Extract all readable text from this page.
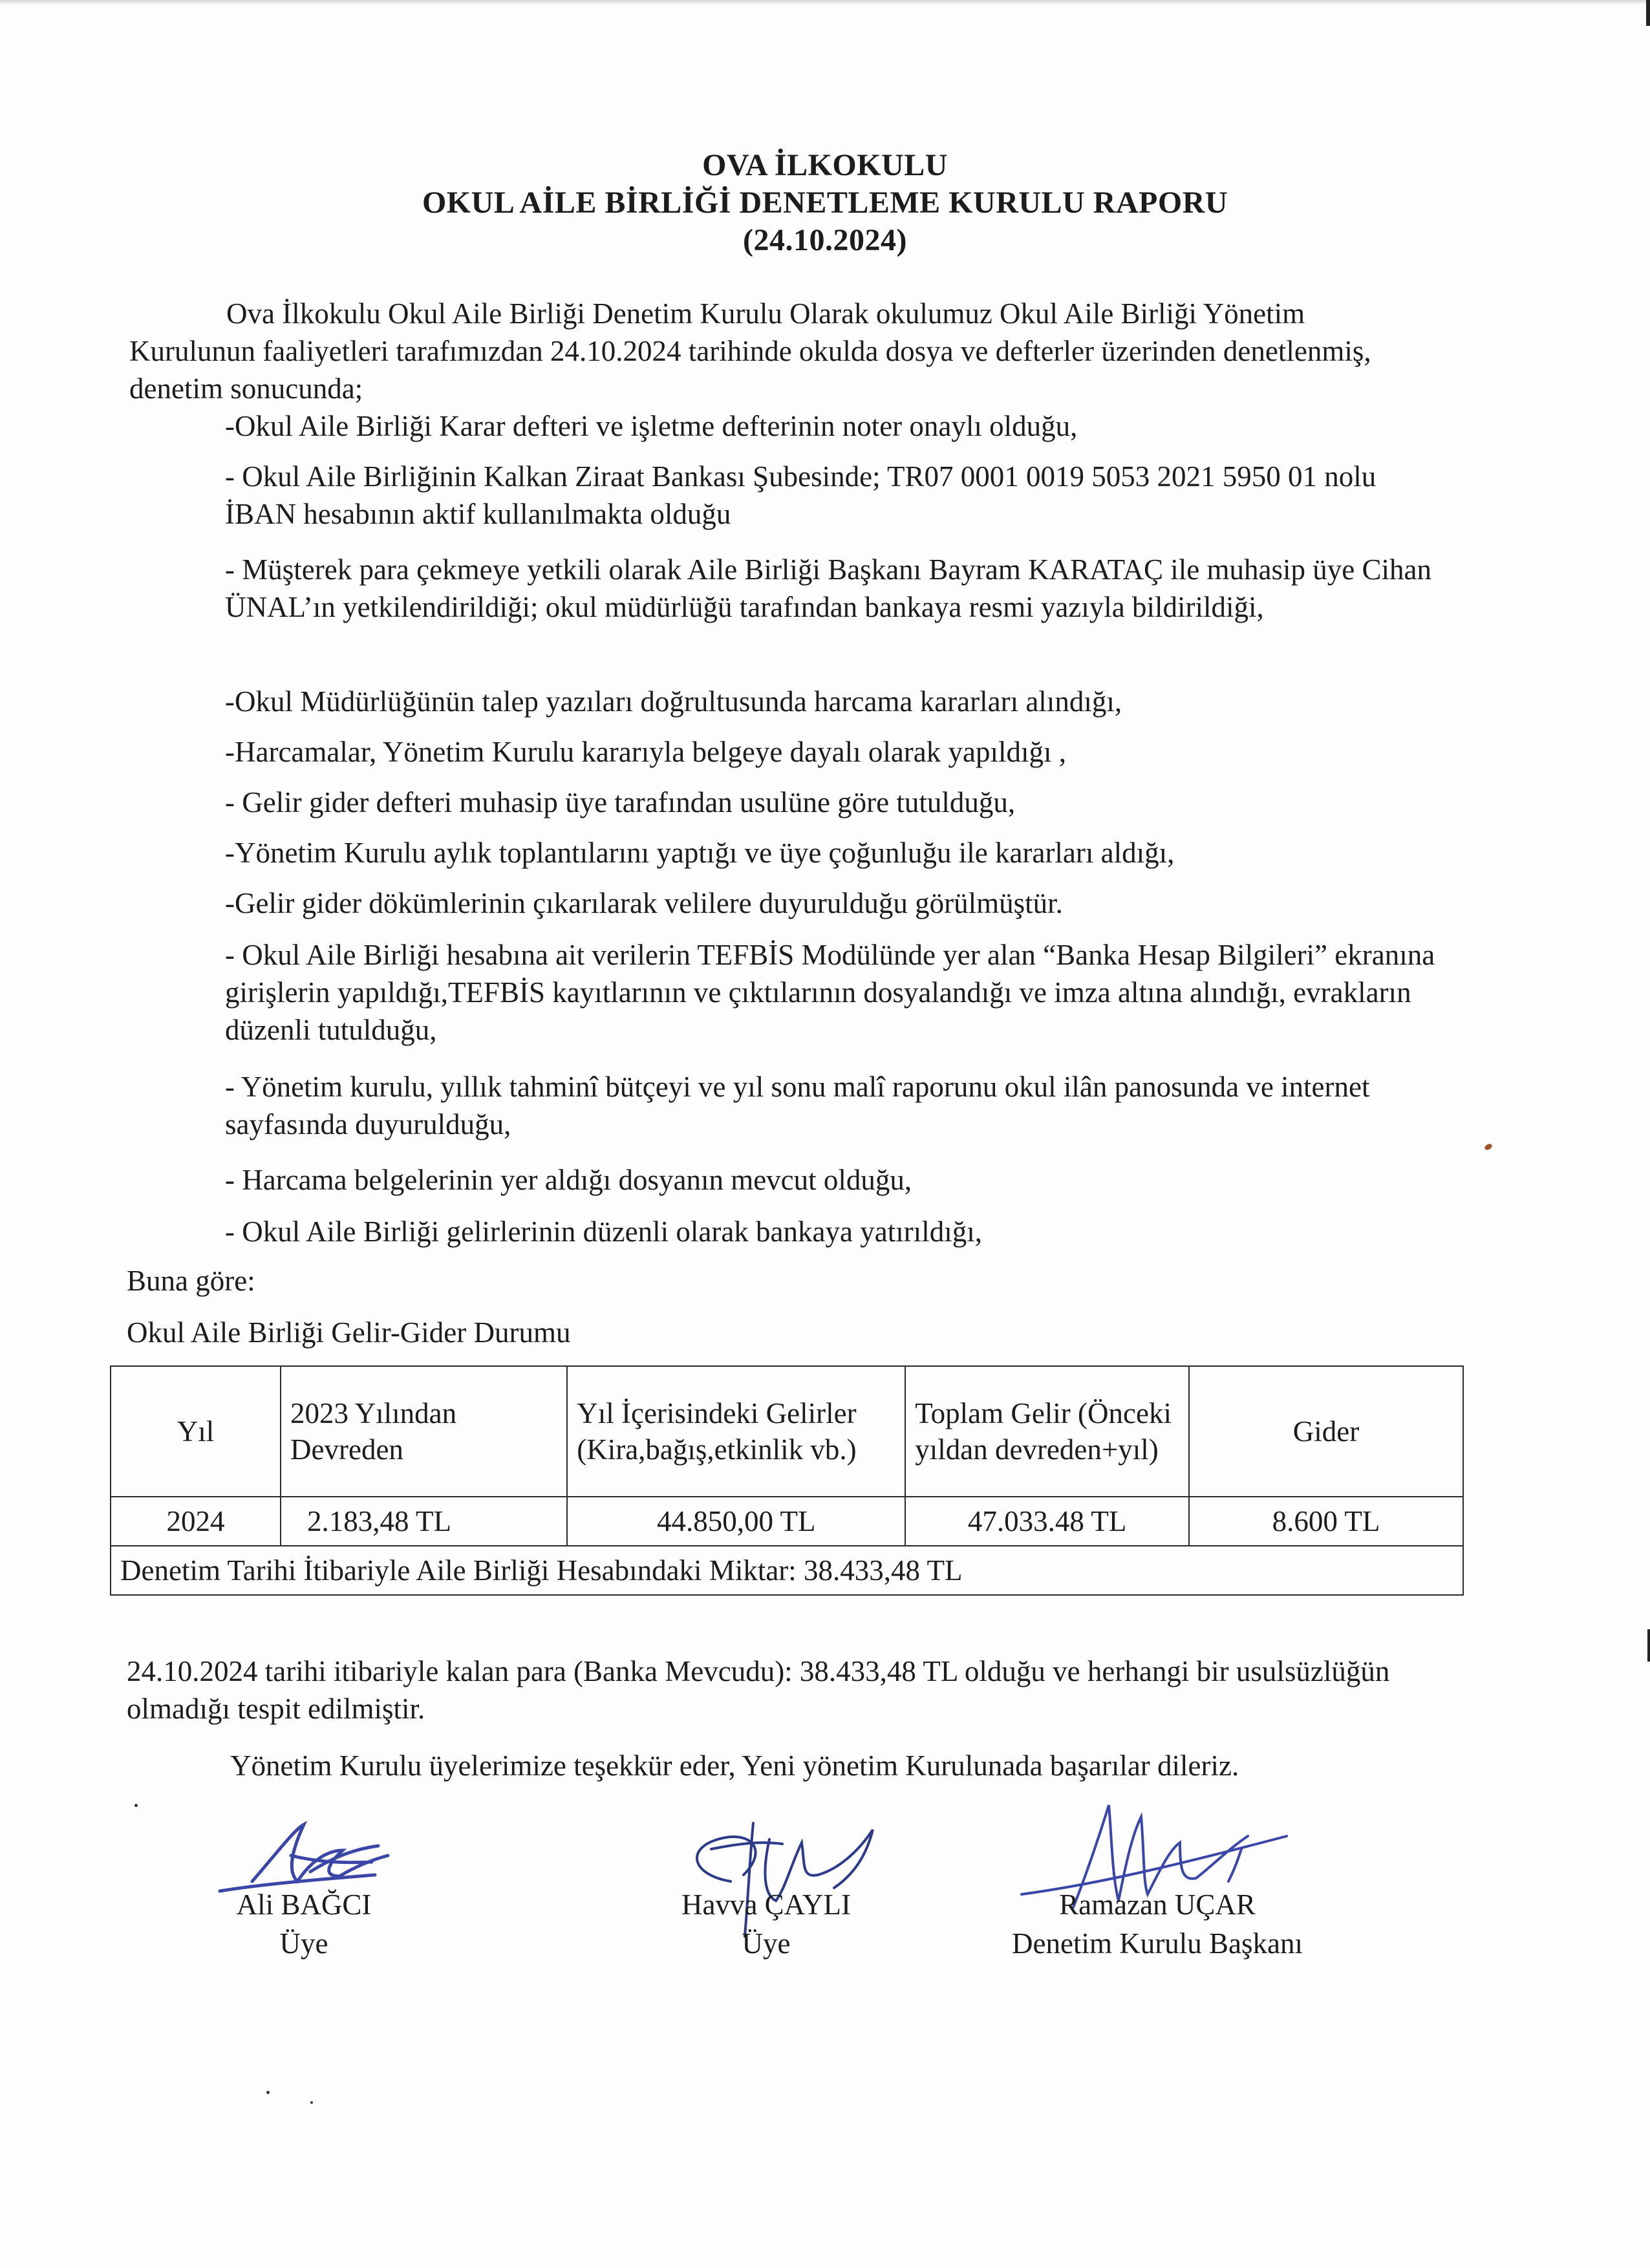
OVA İLKOKULU
OKUL AİLE BİRLİĞİ DENETLEME KURULU RAPORU
(24.10.2024)
Ova İlkokulu Okul Aile Birliği Denetim Kurulu Olarak okulumuz Okul Aile Birliği Yönetim Kurulunun faaliyetleri tarafımızdan 24.10.2024 tarihinde okulda dosya ve defterler üzerinden denetlenmiş, denetim sonucunda;
-Okul Aile Birliği Karar defteri ve işletme defterinin noter onaylı olduğu,
- Okul Aile Birliğinin Kalkan Ziraat Bankası Şubesinde; TR07 0001 0019 5053 2021 5950 01 nolu İBAN hesabının aktif kullanılmakta olduğu
- Müşterek para çekmeye yetkili olarak Aile Birliği Başkanı Bayram KARATAÇ ile muhasip üye Cihan ÜNAL’ın yetkilendirildiği; okul müdürlüğü tarafından bankaya resmi yazıyla bildirildiği,
-Okul Müdürlüğünün talep yazıları doğrultusunda harcama kararları alındığı,
-Harcamalar, Yönetim Kurulu kararıyla belgeye dayalı olarak yapıldığı ,
- Gelir gider defteri muhasip üye tarafından usulüne göre tutulduğu,
-Yönetim Kurulu aylık toplantılarını yaptığı ve üye çoğunluğu ile kararları aldığı,
-Gelir gider dökümlerinin çıkarılarak velilere duyurulduğu görülmüştür.
- Okul Aile Birliği hesabına ait verilerin TEFBİS Modülünde yer alan “Banka Hesap Bilgileri” ekranına girişlerin yapıldığı,TEFBİS kayıtlarının ve çıktılarının dosyalandığı ve imza altına alındığı, evrakların düzenli tutulduğu,
- Yönetim kurulu, yıllık tahminî bütçeyi ve yıl sonu malî raporunu okul ilân panosunda ve internet sayfasında duyurulduğu,
- Harcama belgelerinin yer aldığı dosyanın mevcut olduğu,
- Okul Aile Birliği gelirlerinin düzenli olarak bankaya yatırıldığı,
Buna göre:
Okul Aile Birliği Gelir-Gider Durumu
Yıl	2023 Yılından Devreden	Yıl İçerisindeki Gelirler (Kira,bağış,etkinlik vb.)	Toplam Gelir (Önceki yıldan devreden+yıl)	Gider
2024	2.183,48 TL	44.850,00 TL	47.033.48 TL	8.600 TL
Denetim Tarihi İtibariyle Aile Birliği Hesabındaki Miktar: 38.433,48 TL				
24.10.2024 tarihi itibariyle kalan para (Banka Mevcudu): 38.433,48 TL olduğu ve herhangi bir usulsüzlüğün olmadığı tespit edilmiştir.
Yönetim Kurulu üyelerimize teşekkür eder, Yeni yönetim Kurulunada başarılar dileriz.
Ali BAĞCI
Üye
Havva ÇAYLI
Üye
Ramazan UÇAR
Denetim Kurulu Başkanı
